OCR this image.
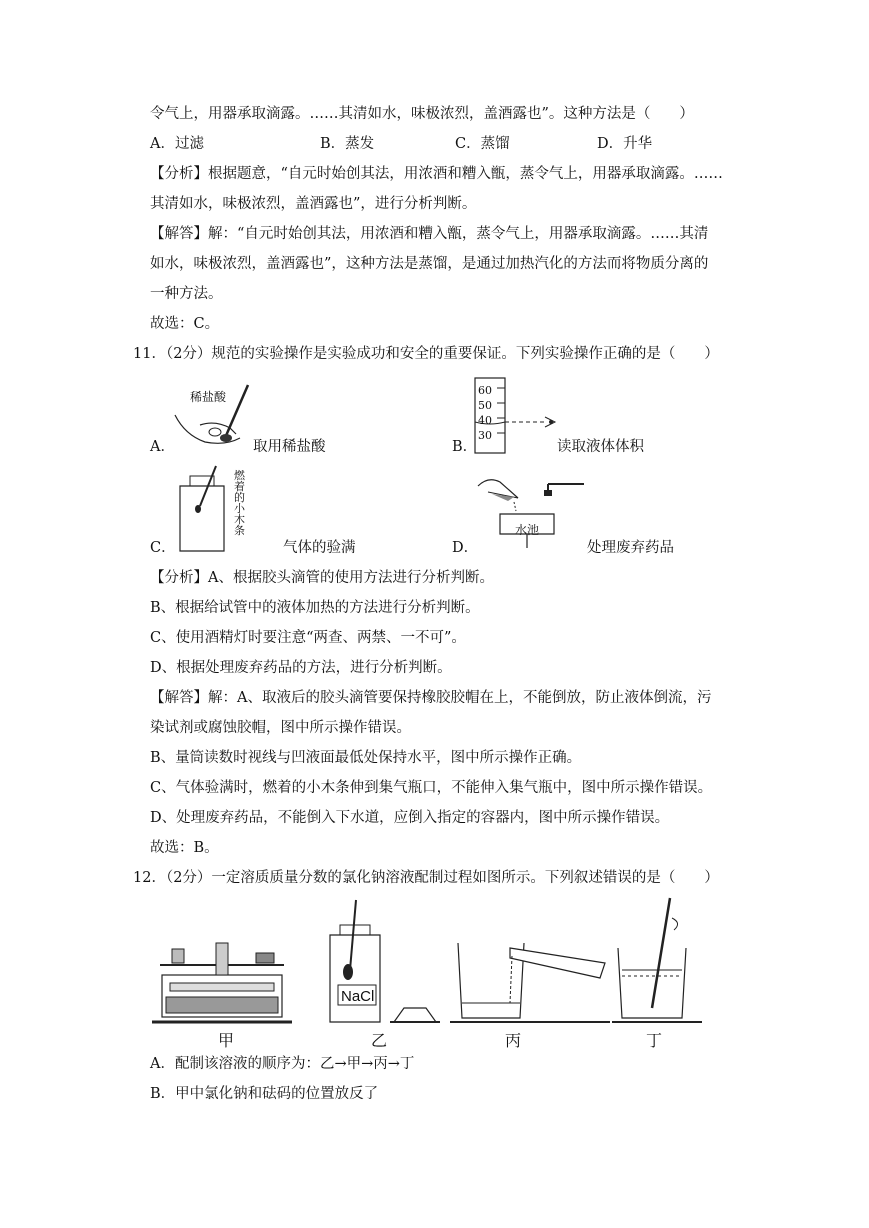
令气上，用器承取滴露。……其清如水，味极浓烈，盖酒露也”。这种方法是（　　）
A．过滤	B．蒸发	C．蒸馏	D．升华
【分析】根据题意，“自元时始创其法，用浓酒和糟入甑，蒸令气上，用器承取滴露。……
其清如水，味极浓烈，盖酒露也”，进行分析判断。
【解答】解：“自元时始创其法，用浓酒和糟入甑，蒸令气上，用器承取滴露。……其清
如水，味极浓烈，盖酒露也”，这种方法是蒸馏，是通过加热汽化的方法而将物质分离的
一种方法。
故选：C。
11．（2分）规范的实验操作是实验成功和安全的重要保证。下列实验操作正确的是（　　）
A．
稀盐酸
取用稀盐酸	B．
60
50
40
30
读取液体体积
C．
燃着的小木条
气体的验满	D．
水池
处理废弃药品
【分析】A、根据胶头滴管的使用方法进行分析判断。
B、根据给试管中的液体加热的方法进行分析判断。
C、使用酒精灯时要注意“两查、两禁、一不可”。
D、根据处理废弃药品的方法，进行分析判断。
【解答】解：A、取液后的胶头滴管要保持橡胶胶帽在上，不能倒放，防止液体倒流，污
染试剂或腐蚀胶帽，图中所示操作错误。
B、量筒读数时视线与凹液面最低处保持水平，图中所示操作正确。
C、气体验满时，燃着的小木条伸到集气瓶口，不能伸入集气瓶中，图中所示操作错误。
D、处理废弃药品，不能倒入下水道，应倒入指定的容器内，图中所示操作错误。
故选：B。
12．（2分）一定溶质质量分数的氯化钠溶液配制过程如图所示。下列叙述错误的是（　　）
NaCl
甲	乙	丙	丁
A．配制该溶液的顺序为：乙→甲→丙→丁
B．甲中氯化钠和砝码的位置放反了
